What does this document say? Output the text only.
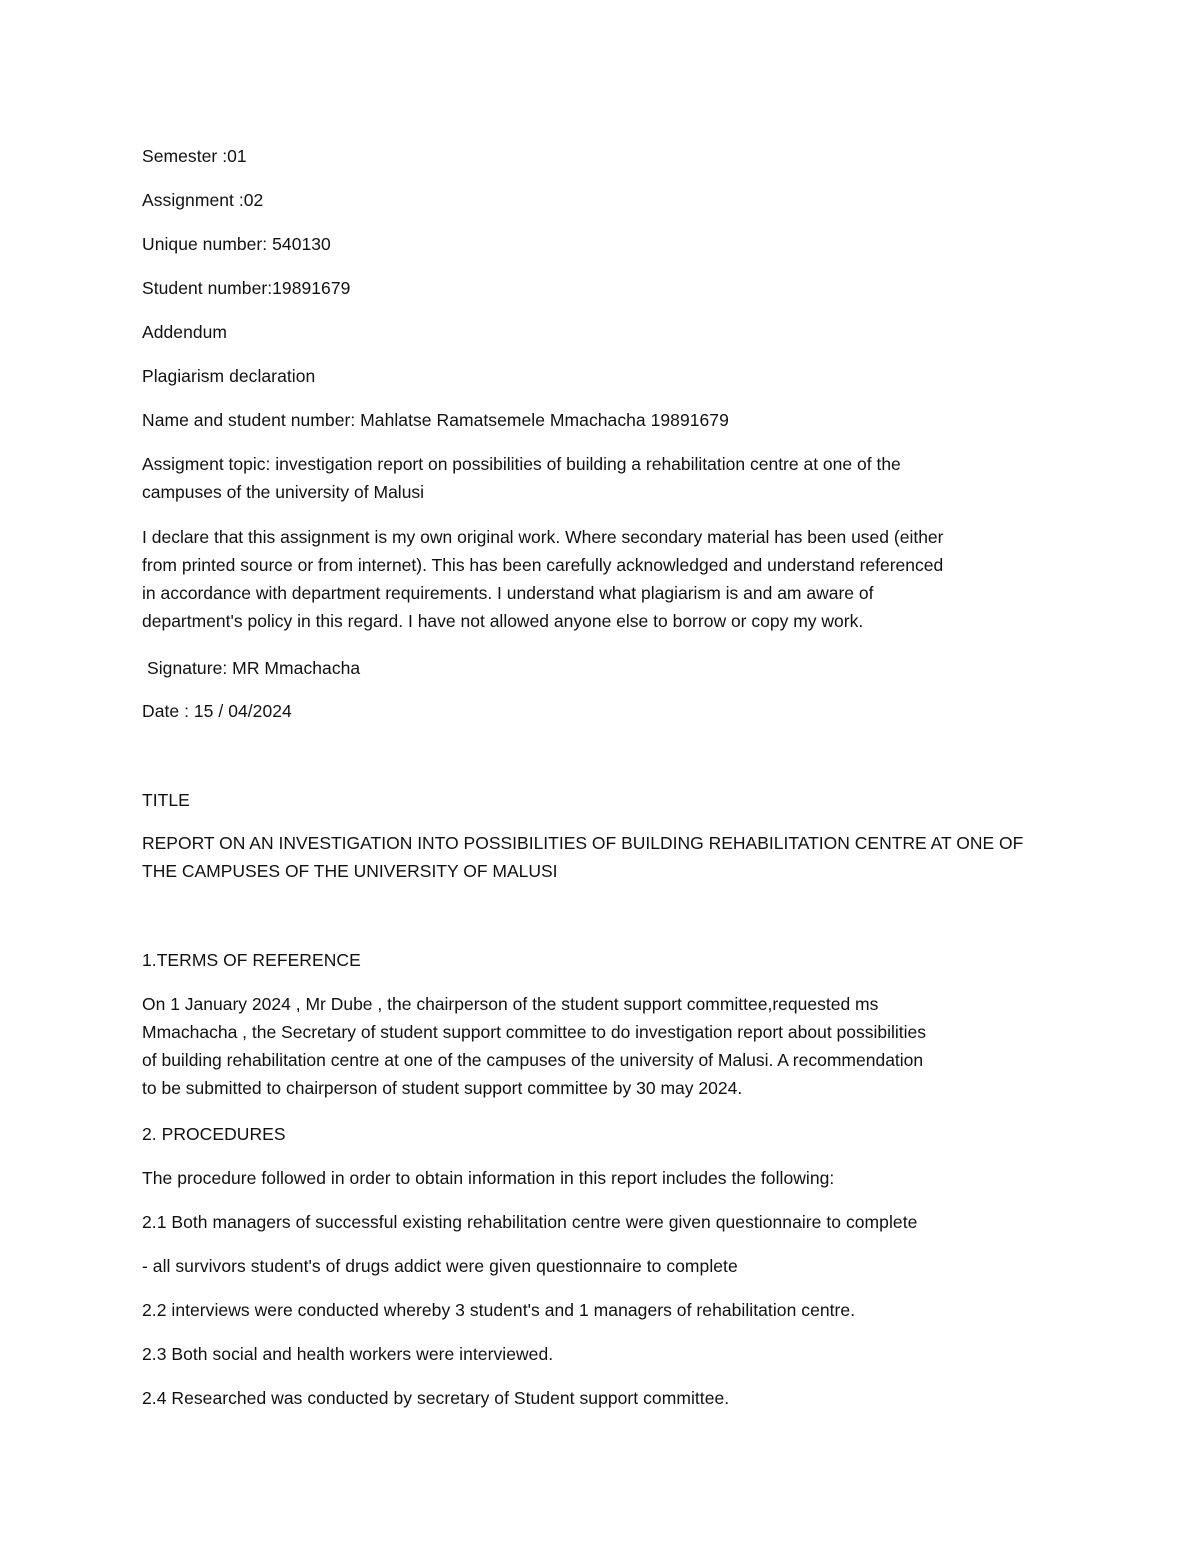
Semester :01
Assignment :02
Unique number: 540130
Student number:19891679
Addendum
Plagiarism declaration
Name and student number: Mahlatse Ramatsemele Mmachacha 19891679
Assigment topic: investigation report on possibilities of building a rehabilitation centre at one of the
campuses of the university of Malusi
I declare that this assignment is my own original work. Where secondary material has been used (either
from printed source or from internet). This has been carefully acknowledged and understand referenced
in accordance with department requirements. I understand what plagiarism is and am aware of
department's policy in this regard. I have not allowed anyone else to borrow or copy my work.
Signature: MR Mmachacha
Date : 15 / 04/2024
TITLE
REPORT ON AN INVESTIGATION INTO POSSIBILITIES OF BUILDING REHABILITATION CENTRE AT ONE OF
THE CAMPUSES OF THE UNIVERSITY OF MALUSI
1.TERMS OF REFERENCE
On 1 January 2024 , Mr Dube , the chairperson of the student support committee,requested ms
Mmachacha , the Secretary of student support committee to do investigation report about possibilities
of building rehabilitation centre at one of the campuses of the university of Malusi. A recommendation
to be submitted to chairperson of student support committee by 30 may 2024.
2. PROCEDURES
The procedure followed in order to obtain information in this report includes the following:
2.1 Both managers of successful existing rehabilitation centre were given questionnaire to complete
- all survivors student's of drugs addict were given questionnaire to complete
2.2 interviews were conducted whereby 3 student's and 1 managers of rehabilitation centre.
2.3 Both social and health workers were interviewed.
2.4 Researched was conducted by secretary of Student support committee.
